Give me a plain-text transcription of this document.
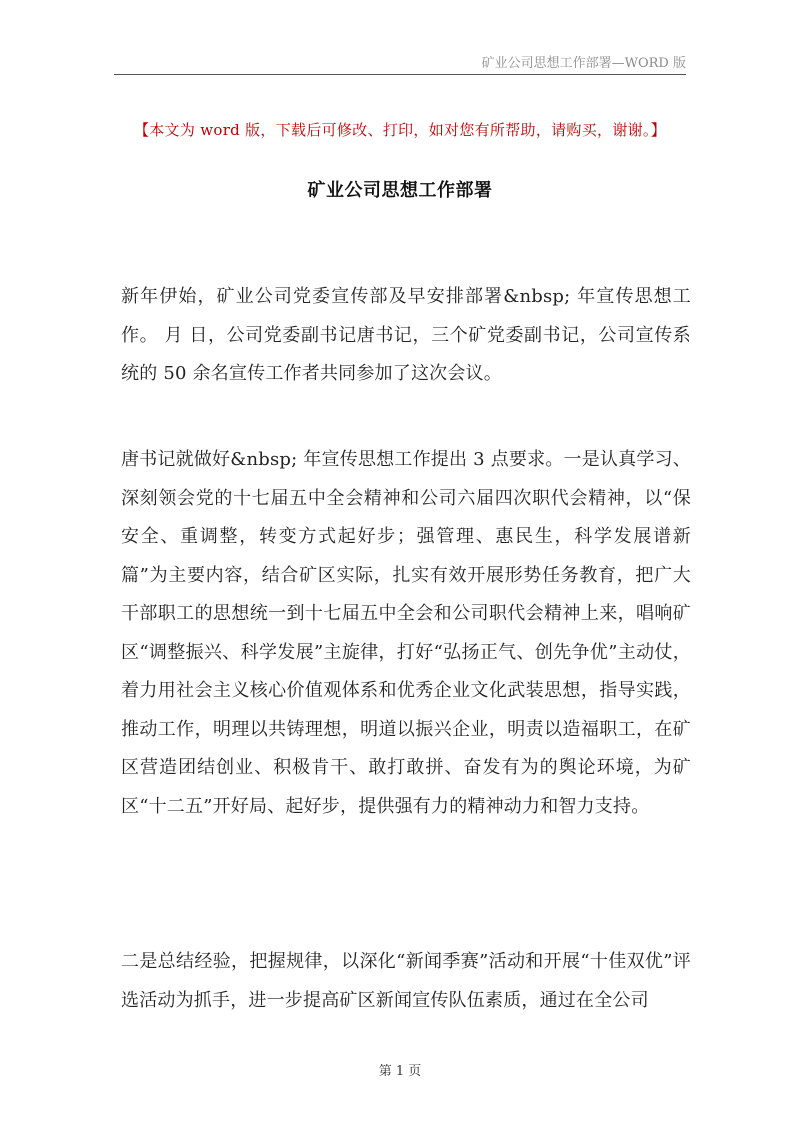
矿业公司思想工作部署—WORD 版
【本文为 word 版，下载后可修改、打印，如对您有所帮助，请购买，谢谢。】
矿业公司思想工作部署

新年伊始，矿业公司党委宣传部及早安排部署&nbsp; 年宣传思想工作。 月 日，公司党委副书记唐书记，三个矿党委副书记，公司宣传系统的 50 余名宣传工作者共同参加了这次会议。

唐书记就做好&nbsp; 年宣传思想工作提出 3 点要求。一是认真学习、深刻领会党的十七届五中全会精神和公司六届四次职代会精神，以“保安全、重调整，转变方式起好步；强管理、惠民生，科学发展谱新篇”为主要内容，结合矿区实际，扎实有效开展形势任务教育，把广大干部职工的思想统一到十七届五中全会和公司职代会精神上来，唱响矿区“调整振兴、科学发展”主旋律，打好“弘扬正气、创先争优”主动仗，着力用社会主义核心价值观体系和优秀企业文化武装思想，指导实践，推动工作，明理以共铸理想，明道以振兴企业，明责以造福职工，在矿区营造团结创业、积极肯干、敢打敢拼、奋发有为的舆论环境，为矿区“十二五”开好局、起好步，提供强有力的精神动力和智力支持。

二是总结经验，把握规律，以深化“新闻季赛”活动和开展“十佳双优”评选活动为抓手，进一步提高矿区新闻宣传队伍素质，通过在全公司

第 1 页
